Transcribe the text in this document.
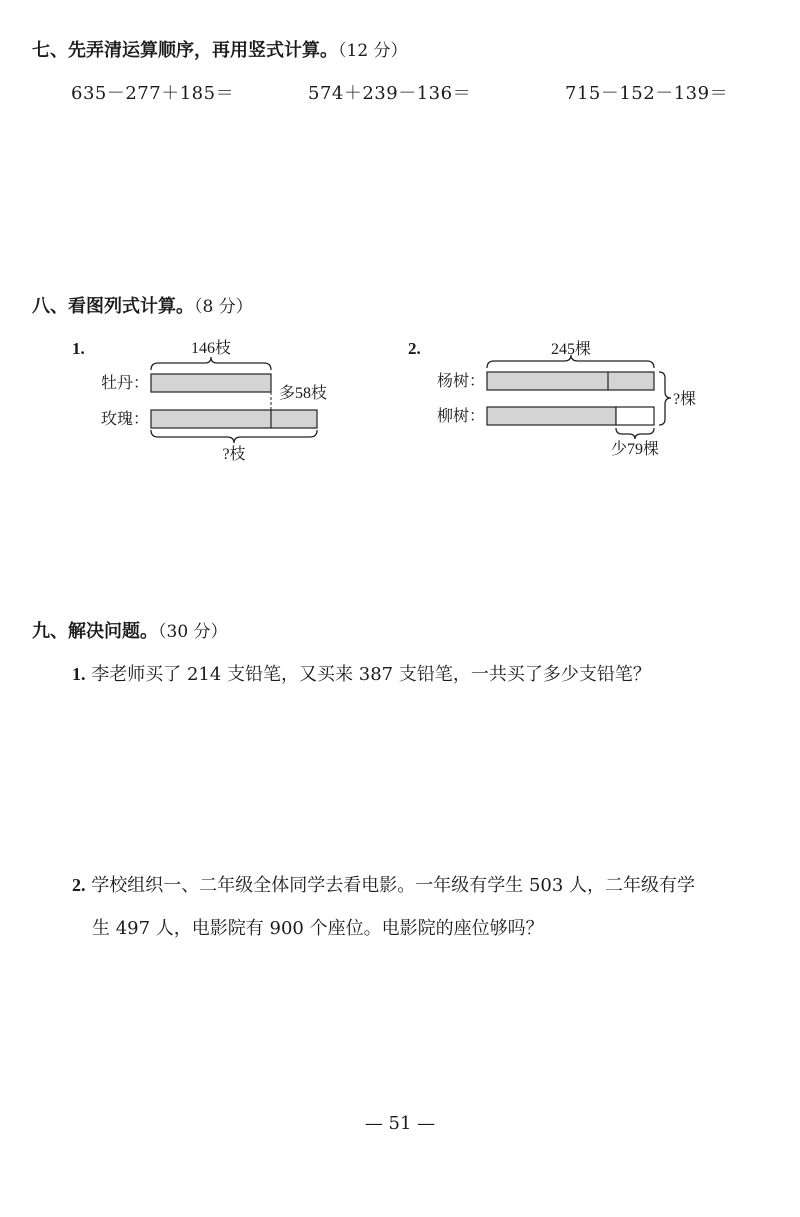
七、先弄清运算顺序，再用竖式计算。（12 分）
635－277＋185＝	574＋239－136＝	715－152－139＝
八、看图列式计算。（8 分）
1.	146枝
牡丹：
玫瑰：
多58枝
?枝
2.	245棵
杨树：
柳树：
?棵
少79棵
九、解决问题。（30 分）
1. 李老师买了 214 支铅笔，又买来 387 支铅笔，一共买了多少支铅笔？
2. 学校组织一、二年级全体同学去看电影。一年级有学生 503 人，二年级有学
生 497 人，电影院有 900 个座位。电影院的座位够吗？
— 51 —
